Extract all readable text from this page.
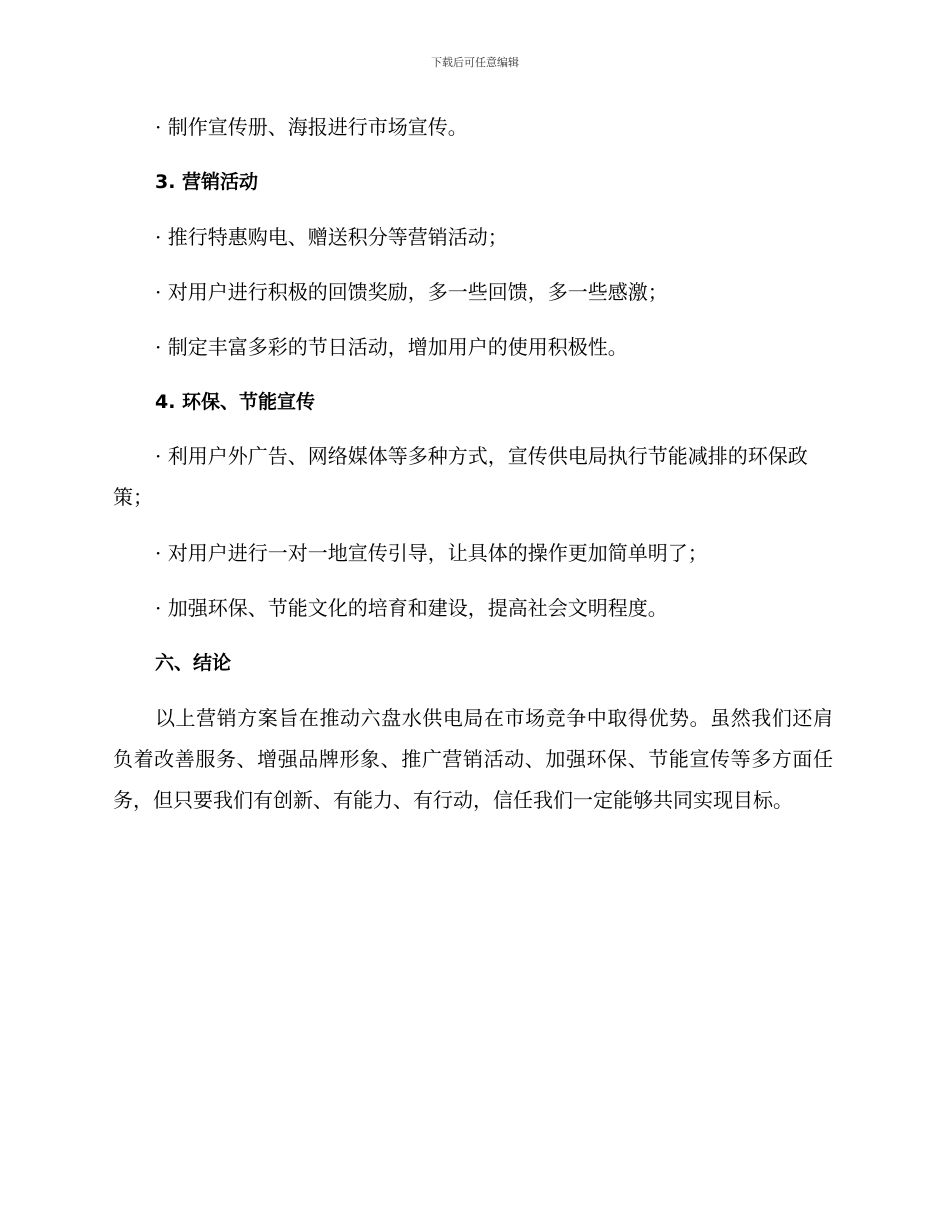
下载后可任意编辑
· 制作宣传册、海报进行市场宣传。
3. 营销活动
· 推行特惠购电、赠送积分等营销活动；
· 对用户进行积极的回馈奖励，多一些回馈，多一些感激；
· 制定丰富多彩的节日活动，增加用户的使用积极性。
4. 环保、节能宣传
· 利用户外广告、网络媒体等多种方式，宣传供电局执行节能减排的环保政策；
· 对用户进行一对一地宣传引导，让具体的操作更加简单明了；
· 加强环保、节能文化的培育和建设，提高社会文明程度。
六、结论
以上营销方案旨在推动六盘水供电局在市场竞争中取得优势。虽然我们还肩负着改善服务、增强品牌形象、推广营销活动、加强环保、节能宣传等多方面任务，但只要我们有创新、有能力、有行动，信任我们一定能够共同实现目标。
